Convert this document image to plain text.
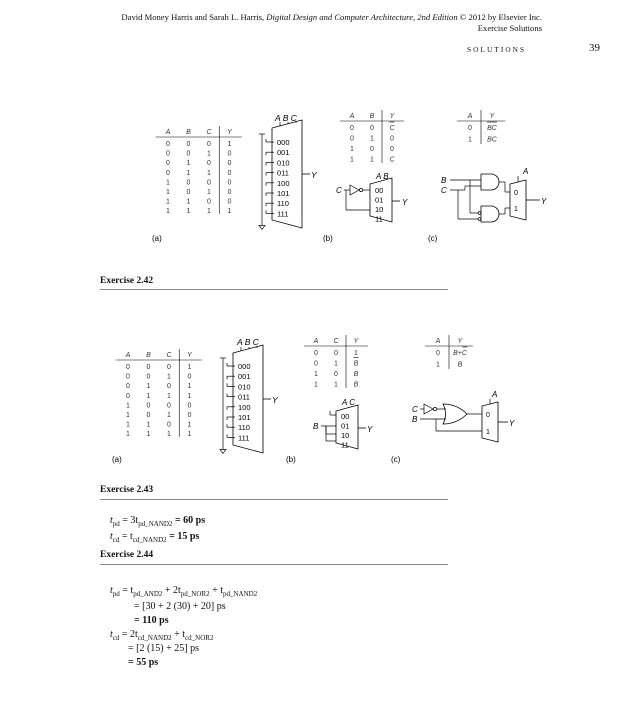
David Money Harris and Sarah L. Harris, Digital Design and Computer Architecture, 2nd Edition © 2012 by Elsevier Inc.
Exercise Solutions
SOLUTIONS	39
A B C Y
0 0 0 1
0 0 1 0
0 1 0 0
0 1 1 0
1 0 0 0
1 0 1 0
1 1 0 0
1 1 1 1
000
001
010
011
100
101
110
111
A B C
Y
A B Y
0 0 C
0 1 0
1 0 0
1 1 C
00
01
10
11
A B
Y
C
A Y
0 BC
1 BC
B
C	0
1
A
Y
(a)	(b)	(c)
Exercise 2.42
A B C Y
0 0 0 1
0 0 1 0
0 1 0 1
0 1 1 1
1 0 0 0
1 0 1 0
1 1 0 1
1 1 1 1
000
001
010
011
100
101
110
111
A B C
Y
A C Y
0 0 1
0 1 B
1 0 B
1 1 B
00
01
10
11
A C
Y
B
A Y
0 B+C
1	B
C
B	0
1
A
Y
(a)	(b)	(c)
Exercise 2.43
$t_{pd} = 3t_{pd\_NAND2} = 60$ ps
$t_{cd} = t_{cd\_NAND2} = 15$ ps
Exercise 2.44
$t_{pd} = t_{pd\_AND2} + 2t_{pd\_NOR2} + t_{pd\_NAND2}$
= [30 + 2 (30) + 20] ps
= 110 ps
$t_{cd} = 2t_{cd\_NAND2} + t_{cd\_NOR2}$
= [2 (15) + 25] ps
= 55 ps
